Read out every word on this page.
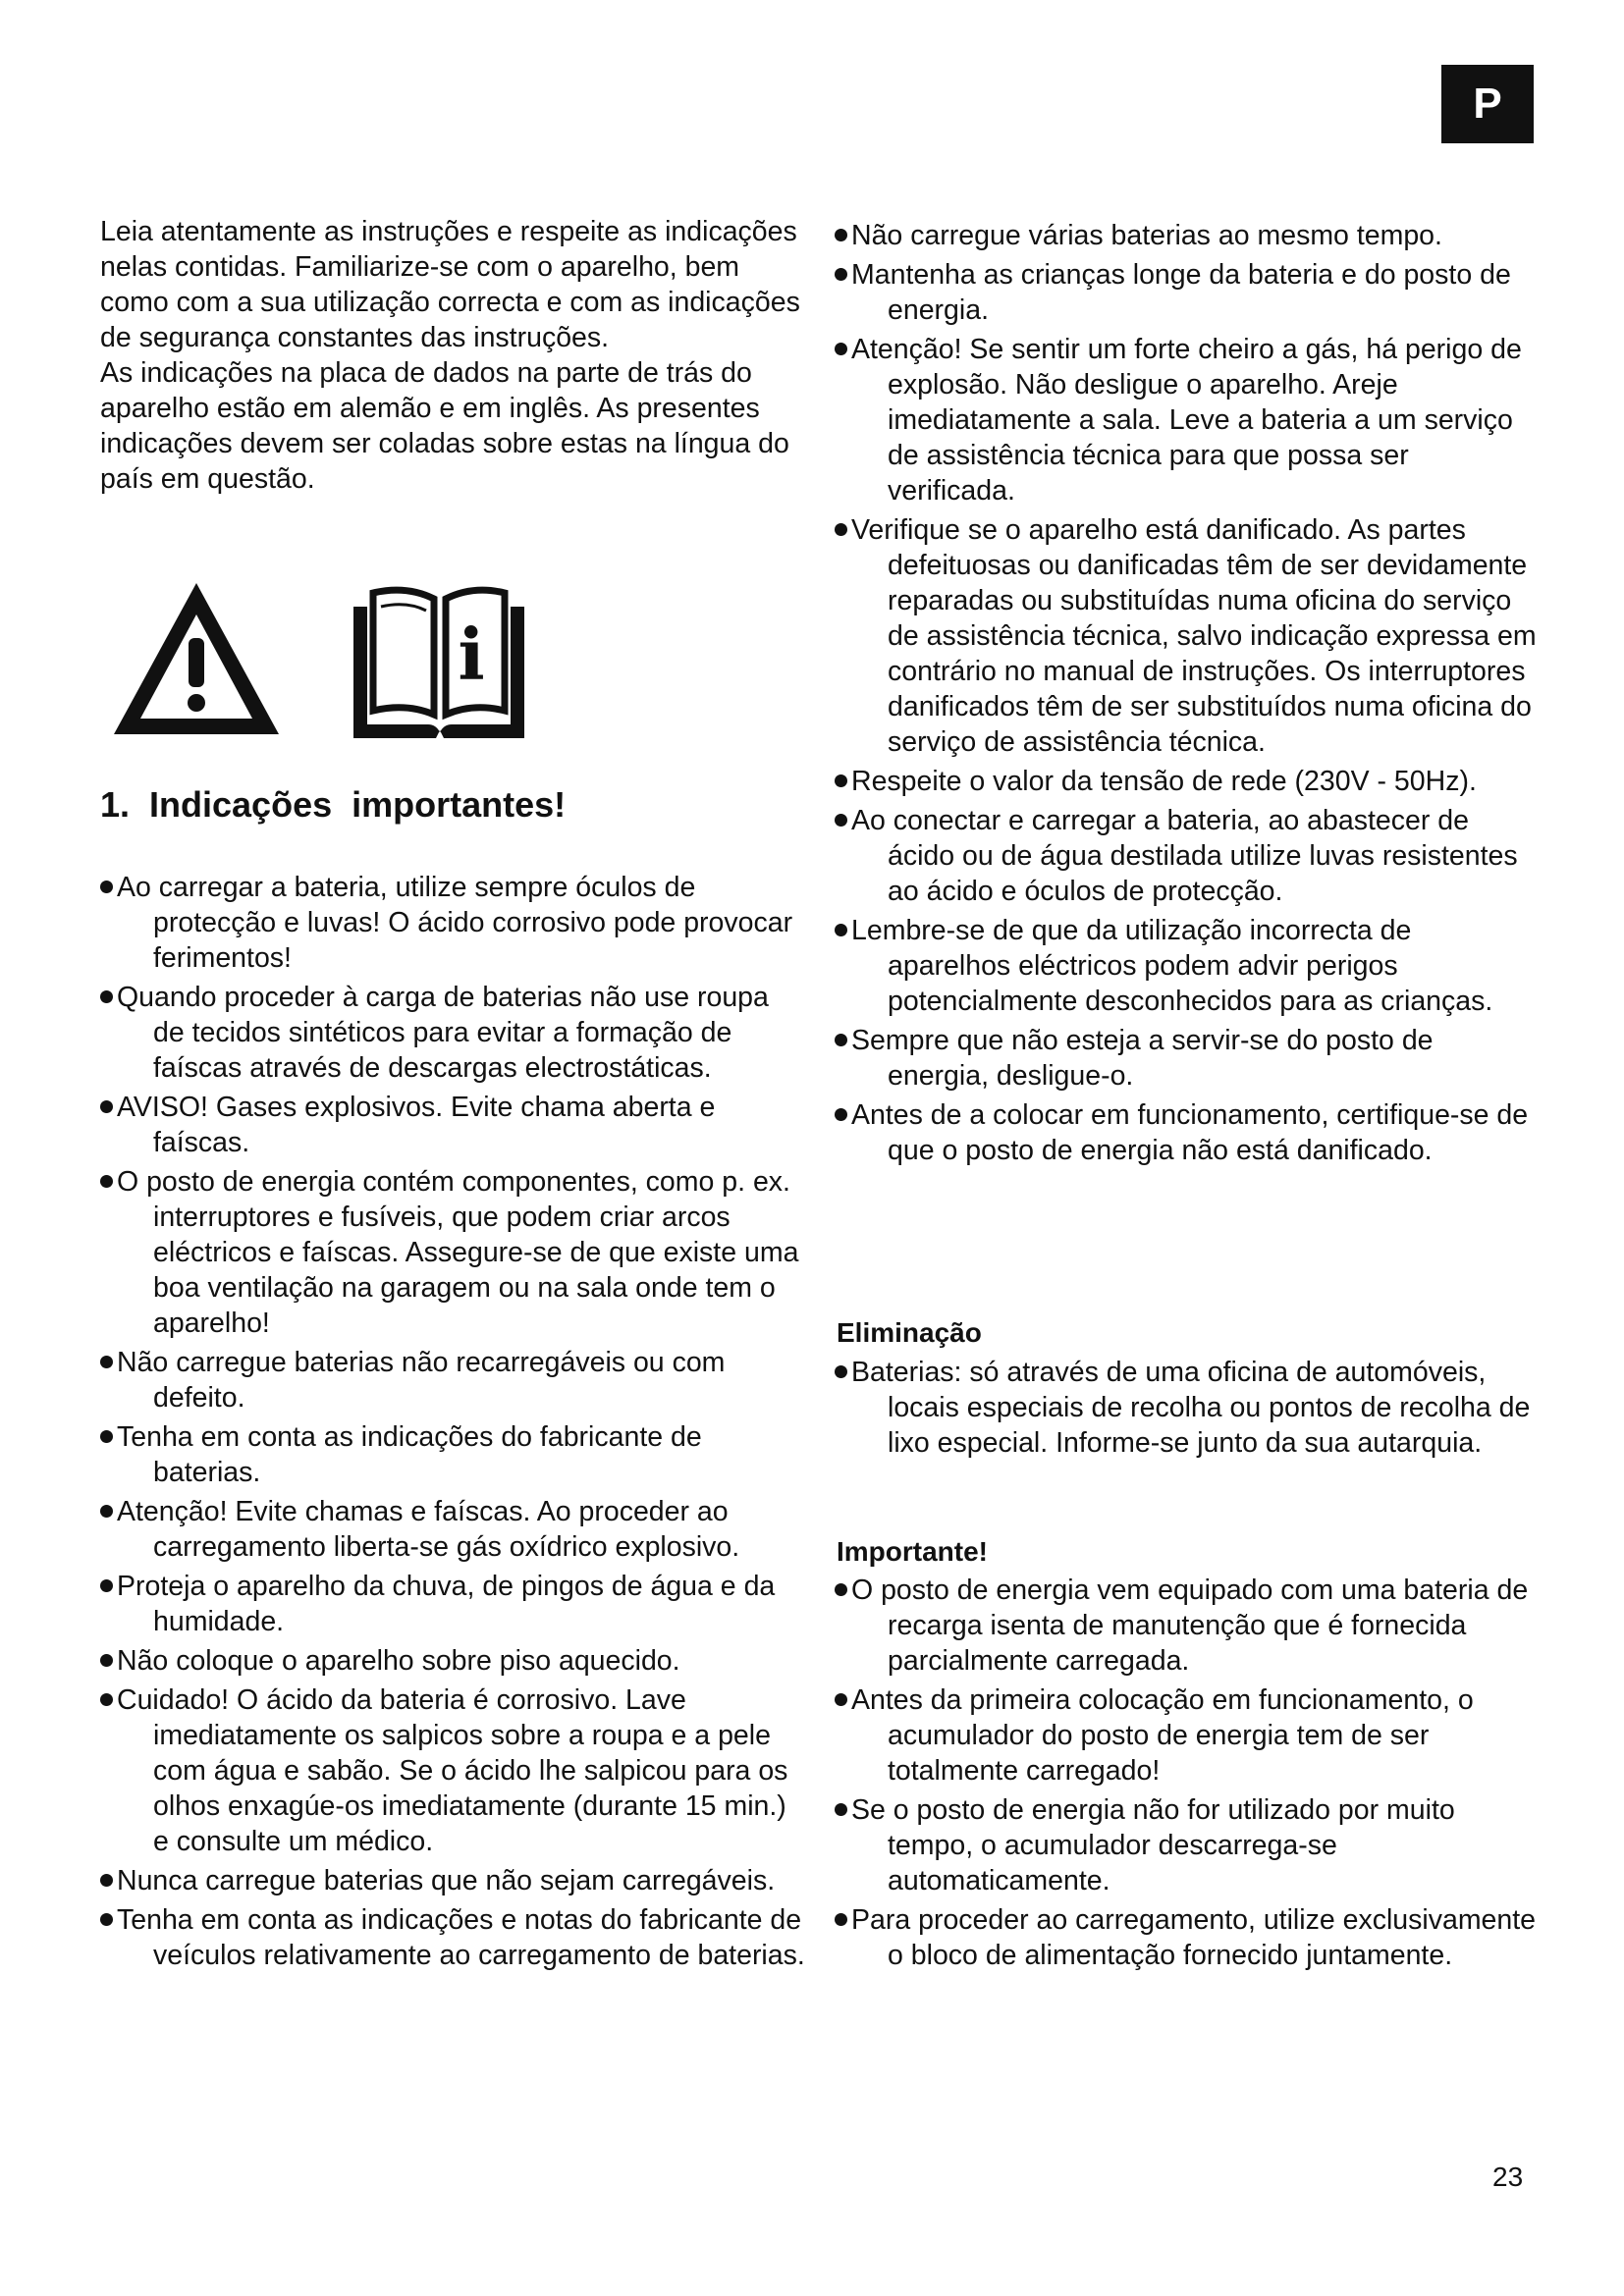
P

Leia atentamente as instruções e respeite as indicações nelas contidas. Familiarize-se com o aparelho, bem como com a sua utilização correcta e com as indicações de segurança constantes das instruções.

As indicações na placa de dados na parte de trás do aparelho estão em alemão e em inglês. As presentes indicações devem ser coladas sobre estas na língua do país em questão.

i
1. Indicações importantes!
Ao carregar a bateria, utilize sempre óculos de protecção e luvas! O ácido corrosivo pode provocar ferimentos!
Quando proceder à carga de baterias não use roupa de tecidos sintéticos para evitar a formação de faíscas através de descargas electrostáticas.
AVISO! Gases explosivos. Evite chama aberta e faíscas.
O posto de energia contém componentes, como p. ex. interruptores e fusíveis, que podem criar arcos eléctricos e faíscas. Assegure-se de que existe uma boa ventilação na garagem ou na sala onde tem o aparelho!
Não carregue baterias não recarregáveis ou com defeito.
Tenha em conta as indicações do fabricante de baterias.
Atenção! Evite chamas e faíscas. Ao proceder ao carregamento liberta-se gás oxídrico explosivo.
Proteja o aparelho da chuva, de pingos de água e da humidade.
Não coloque o aparelho sobre piso aquecido.
Cuidado! O ácido da bateria é corrosivo. Lave imediatamente os salpicos sobre a roupa e a pele com água e sabão. Se o ácido lhe salpicou para os olhos enxagúe-os imediatamente (durante 15 min.) e consulte um médico.
Nunca carregue baterias que não sejam carregáveis.
Tenha em conta as indicações e notas do fabricante de veículos relativamente ao carregamento de baterias.
Não carregue várias baterias ao mesmo tempo.
Mantenha as crianças longe da bateria e do posto de energia.
Atenção! Se sentir um forte cheiro a gás, há perigo de explosão. Não desligue o aparelho. Areje imediatamente a sala. Leve a bateria a um serviço de assistência técnica para que possa ser verificada.
Verifique se o aparelho está danificado. As partes defeituosas ou danificadas têm de ser devidamente reparadas ou substituídas numa oficina do serviço de assistência técnica, salvo indicação expressa em contrário no manual de instruções. Os interruptores danificados têm de ser substituídos numa oficina do serviço de assistência técnica.
Respeite o valor da tensão de rede (230V - 50Hz).
Ao conectar e carregar a bateria, ao abastecer de ácido ou de água destilada utilize luvas resistentes ao ácido e óculos de protecção.
Lembre-se de que da utilização incorrecta de aparelhos eléctricos podem advir perigos potencialmente desconhecidos para as crianças.
Sempre que não esteja a servir-se do posto de energia, desligue-o.
Antes de a colocar em funcionamento, certifique-se de que o posto de energia não está danificado.
Eliminação
Baterias: só através de uma oficina de automóveis, locais especiais de recolha ou pontos de recolha de lixo especial. Informe-se junto da sua autarquia.
Importante!
O posto de energia vem equipado com uma bateria de recarga isenta de manutenção que é fornecida parcialmente carregada.
Antes da primeira colocação em funcionamento, o acumulador do posto de energia tem de ser totalmente carregado!
Se o posto de energia não for utilizado por muito tempo, o acumulador descarrega-se automaticamente.
Para proceder ao carregamento, utilize exclusivamente o bloco de alimentação fornecido juntamente.
23
